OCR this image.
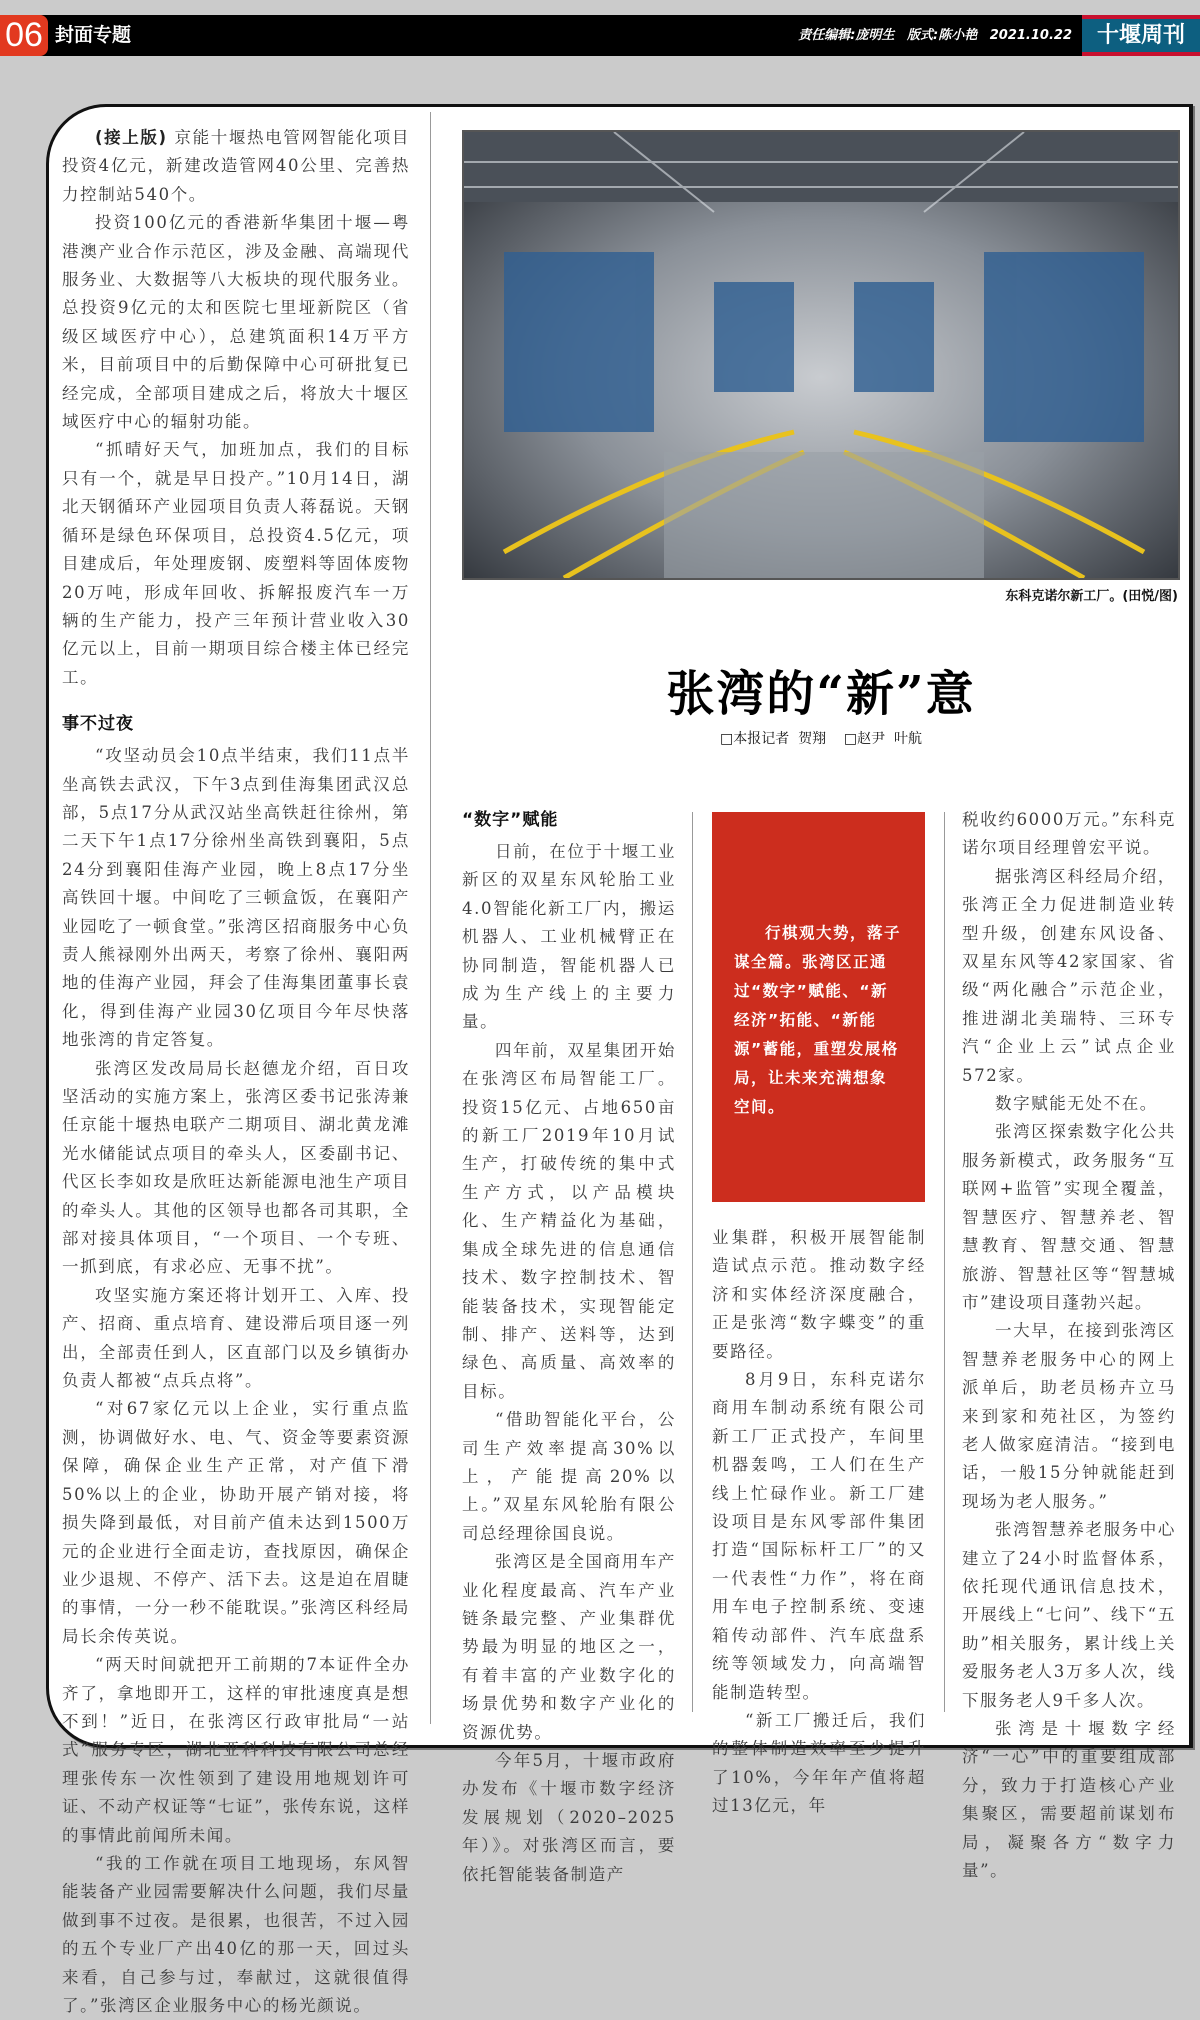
06 封面专题	责任编辑:庞明生 版式:陈小艳 2021.10.22	十堰周刊

(接上版) 京能十堰热电管网智能化项目投资4亿元，新建改造管网40公里、完善热力控制站540个。

投资100亿元的香港新华集团十堰—粤港澳产业合作示范区，涉及金融、高端现代服务业、大数据等八大板块的现代服务业。总投资9亿元的太和医院七里垭新院区（省级区域医疗中心），总建筑面积14万平方米，目前项目中的后勤保障中心可研批复已经完成，全部项目建成之后，将放大十堰区域医疗中心的辐射功能。

“抓晴好天气，加班加点，我们的目标只有一个，就是早日投产。”10月14日，湖北天钢循环产业园项目负责人蒋磊说。天钢循环是绿色环保项目，总投资4.5亿元，项目建成后，年处理废钢、废塑料等固体废物20万吨，形成年回收、拆解报废汽车一万辆的生产能力，投产三年预计营业收入30亿元以上，目前一期项目综合楼主体已经完工。

事不过夜

“攻坚动员会10点半结束，我们11点半坐高铁去武汉，下午3点到佳海集团武汉总部，5点17分从武汉站坐高铁赶往徐州，第二天下午1点17分徐州坐高铁到襄阳，5点24分到襄阳佳海产业园，晚上8点17分坐高铁回十堰。中间吃了三顿盒饭，在襄阳产业园吃了一顿食堂。”张湾区招商服务中心负责人熊禄刚外出两天，考察了徐州、襄阳两地的佳海产业园，拜会了佳海集团董事长袁化，得到佳海产业园30亿项目今年尽快落地张湾的肯定答复。

张湾区发改局局长赵德龙介绍，百日攻坚活动的实施方案上，张湾区委书记张涛兼任京能十堰热电联产二期项目、湖北黄龙滩光水储能试点项目的牵头人，区委副书记、代区长李如玫是欣旺达新能源电池生产项目的牵头人。其他的区领导也都各司其职，全部对接具体项目，“一个项目、一个专班、一抓到底，有求必应、无事不扰”。

攻坚实施方案还将计划开工、入库、投产、招商、重点培育、建设滞后项目逐一列出，全部责任到人，区直部门以及乡镇街办负责人都被“点兵点将”。

“对67家亿元以上企业，实行重点监测，协调做好水、电、气、资金等要素资源保障，确保企业生产正常，对产值下滑50%以上的企业，协助开展产销对接，将损失降到最低，对目前产值未达到1500万元的企业进行全面走访，查找原因，确保企业少退规、不停产、活下去。这是迫在眉睫的事情，一分一秒不能耽误。”张湾区科经局局长余传英说。

“两天时间就把开工前期的7本证件全办齐了，拿地即开工，这样的审批速度真是想不到！”近日，在张湾区行政审批局“一站式”服务专区，湖北亚科科技有限公司总经理张传东一次性领到了建设用地规划许可证、不动产权证等“七证”，张传东说，这样的事情此前闻所未闻。

“我的工作就在项目工地现场，东风智能装备产业园需要解决什么问题，我们尽量做到事不过夜。是很累，也很苦，不过入园的五个专业厂产出40亿的那一天，回过头来看，自己参与过，奉献过，这就很值得了。”张湾区企业服务中心的杨光颜说。

东科克诺尔新工厂。(田悦/图)
张湾的“新”意
□本报记者  贺翔    □赵尹  叶航
“数字”赋能

日前，在位于十堰工业新区的双星东风轮胎工业4.0智能化新工厂内，搬运机器人、工业机械臂正在协同制造，智能机器人已成为生产线上的主要力量。

四年前，双星集团开始在张湾区布局智能工厂。投资15亿元、占地650亩的新工厂2019年10月试生产，打破传统的集中式生产方式，以产品模块化、生产精益化为基础，集成全球先进的信息通信技术、数字控制技术、智能装备技术，实现智能定制、排产、送料等，达到绿色、高质量、高效率的目标。

“借助智能化平台，公司生产效率提高30%以上，产能提高20%以上。”双星东风轮胎有限公司总经理徐国良说。

张湾区是全国商用车产业化程度最高、汽车产业链条最完整、产业集群优势最为明显的地区之一，有着丰富的产业数字化的场景优势和数字产业化的资源优势。

今年5月，十堰市政府办发布《十堰市数字经济发展规划（2020–2025年）》。对张湾区而言，要依托智能装备制造产

行棋观大势，落子谋全篇。张湾区正通过“数字”赋能、“新经济”拓能、“新能源”蓄能，重塑发展格局，让未来充满想象空间。

业集群，积极开展智能制造试点示范。推动数字经济和实体经济深度融合，正是张湾“数字蝶变”的重要路径。

8月9日，东科克诺尔商用车制动系统有限公司新工厂正式投产，车间里机器轰鸣，工人们在生产线上忙碌作业。新工厂建设项目是东风零部件集团打造“国际标杆工厂”的又一代表性“力作”，将在商用车电子控制系统、变速箱传动部件、汽车底盘系统等领域发力，向高端智能制造转型。

“新工厂搬迁后，我们的整体制造效率至少提升了10%，今年年产值将超过13亿元，年

税收约6000万元。”东科克诺尔项目经理曾宏平说。

据张湾区科经局介绍，张湾正全力促进制造业转型升级，创建东风设备、双星东风等42家国家、省级“两化融合”示范企业，推进湖北美瑞特、三环专汽“企业上云”试点企业572家。

数字赋能无处不在。

张湾区探索数字化公共服务新模式，政务服务“互联网+监管”实现全覆盖，智慧医疗、智慧养老、智慧教育、智慧交通、智慧旅游、智慧社区等“智慧城市”建设项目蓬勃兴起。

一大早，在接到张湾区智慧养老服务中心的网上派单后，助老员杨卉立马来到家和苑社区，为签约老人做家庭清洁。“接到电话，一般15分钟就能赶到现场为老人服务。”

张湾智慧养老服务中心建立了24小时监督体系，依托现代通讯信息技术，开展线上“七问”、线下“五助”相关服务，累计线上关爱服务老人3万多人次，线下服务老人9千多人次。

张湾是十堰数字经济“一心”中的重要组成部分，致力于打造核心产业集聚区，需要超前谋划布局，凝聚各方“数字力量”。
